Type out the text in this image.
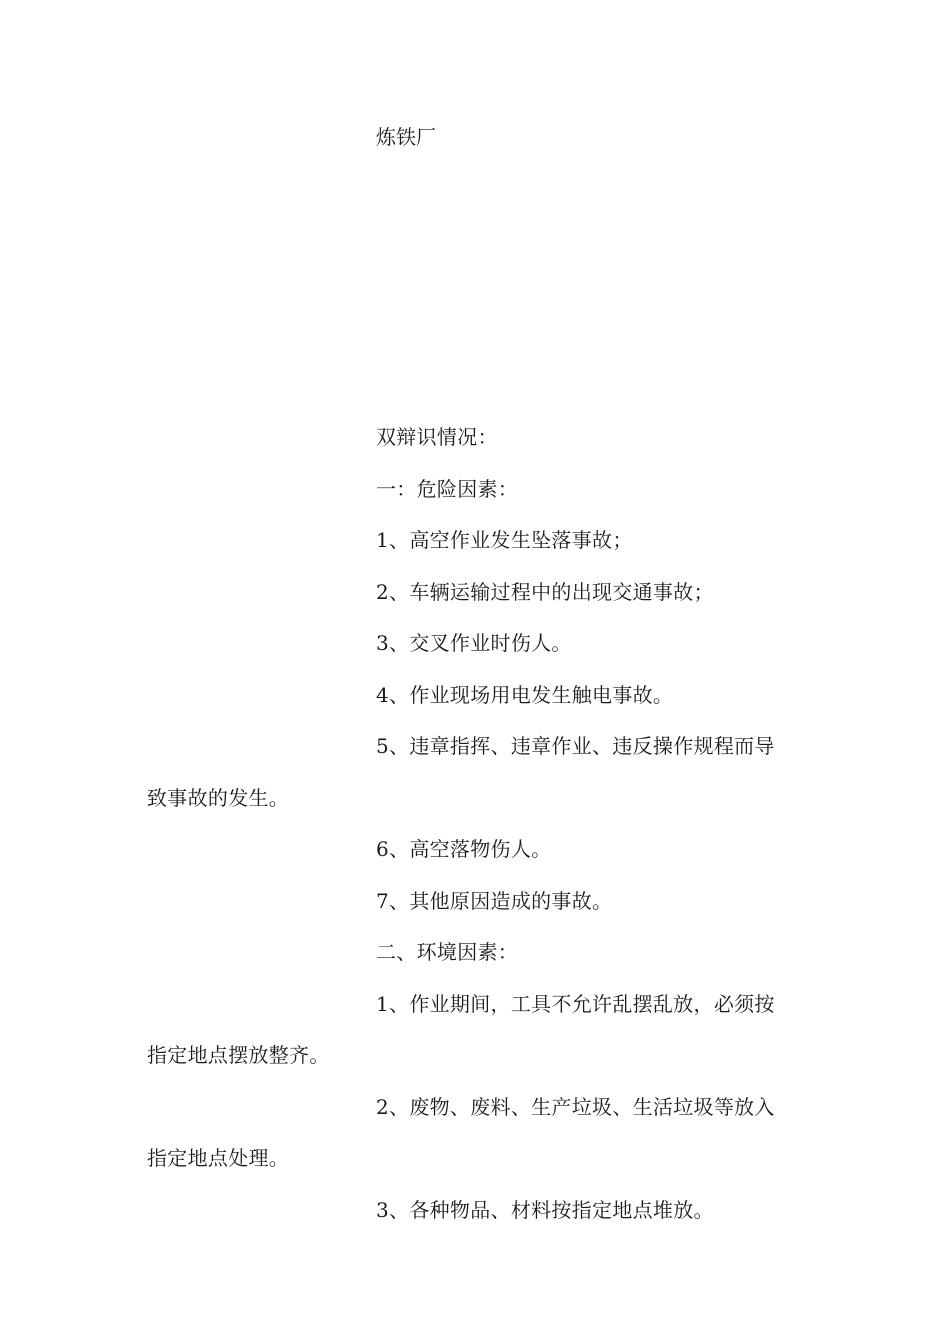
炼铁厂

双辩识情况：

一：危险因素：

1、高空作业发生坠落事故；

2、车辆运输过程中的出现交通事故；

3、交叉作业时伤人。

4、作业现场用电发生触电事故。

5、违章指挥、违章作业、违反操作规程而导致事故的发生。

6、高空落物伤人。

7、其他原因造成的事故。

二、环境因素：

1、作业期间，工具不允许乱摆乱放，必须按指定地点摆放整齐。

2、废物、废料、生产垃圾、生活垃圾等放入指定地点处理。

3、各种物品、材料按指定地点堆放。
